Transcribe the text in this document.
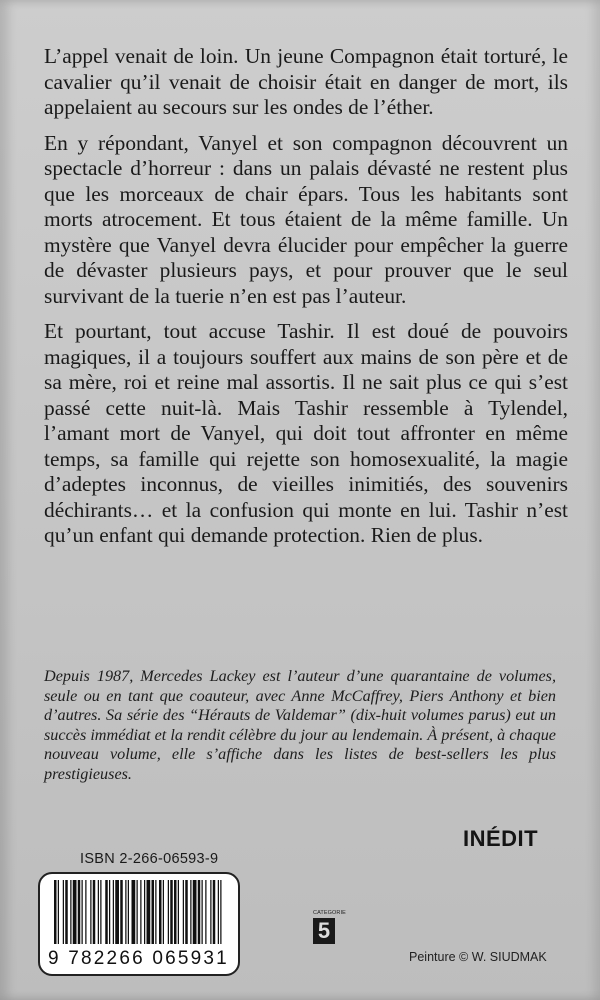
L’appel venait de loin. Un jeune Compagnon était torturé, le cavalier qu’il venait de choisir était en danger de mort, ils appelaient au secours sur les ondes de l’éther.

En y répondant, Vanyel et son compagnon découvrent un spectacle d’horreur : dans un palais dévasté ne restent plus que les morceaux de chair épars. Tous les habitants sont morts atrocement. Et tous étaient de la même famille. Un mystère que Vanyel devra élucider pour empêcher la guerre de dévaster plusieurs pays, et pour prouver que le seul survivant de la tuerie n’en est pas l’auteur.

Et pourtant, tout accuse Tashir. Il est doué de pouvoirs magiques, il a toujours souffert aux mains de son père et de sa mère, roi et reine mal assortis. Il ne sait plus ce qui s’est passé cette nuit-là. Mais Tashir ressemble à Tylendel, l’amant mort de Vanyel, qui doit tout affronter en même temps, sa famille qui rejette son homosexualité, la magie d’adeptes inconnus, de vieilles inimitiés, des souvenirs déchirants… et la confusion qui monte en lui. Tashir n’est qu’un enfant qui demande protection. Rien de plus.

Depuis 1987, Mercedes Lackey est l’auteur d’une quarantaine de volumes, seule ou en tant que coauteur, avec Anne McCaffrey, Piers Anthony et bien d’autres. Sa série des “Hérauts de Valdemar” (dix-huit volumes parus) eut un succès immédiat et la rendit célèbre du jour au lendemain. À présent, à chaque nouveau volume, elle s’affiche dans les listes de best-sellers les plus prestigieuses.
INÉDIT
ISBN 2-266-06593-9
9 782266 065931
CATEGORIE
5
Peinture © W. SIUDMAK
